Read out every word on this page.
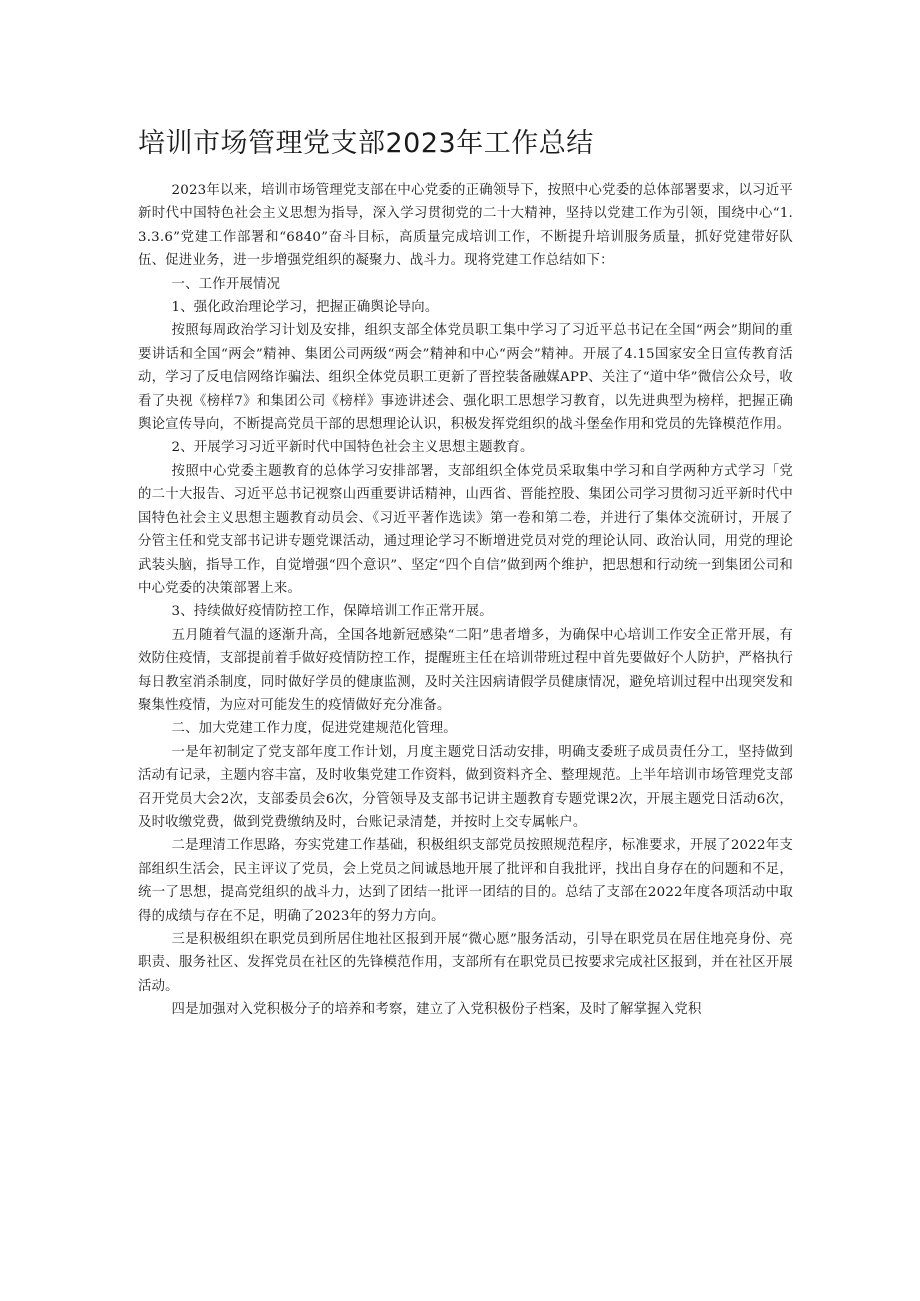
培训市场管理党支部2023年工作总结

2023年以来，培训市场管理党支部在中心党委的正确领导下，按照中心党委的总体部署要求，以习近平新时代中国特色社会主义思想为指导，深入学习贯彻党的二十大精神，坚持以党建工作为引领，围绕中心“1.3.3.6”党建工作部署和“6840”奋斗目标，高质量完成培训工作，不断提升培训服务质量，抓好党建带好队伍、促进业务，进一步增强党组织的凝聚力、战斗力。现将党建工作总结如下：

一、工作开展情况

1、强化政治理论学习，把握正确舆论导向。

按照每周政治学习计划及安排，组织支部全体党员职工集中学习了习近平总书记在全国“两会”期间的重要讲话和全国“两会”精神、集团公司两级“两会”精神和中心“两会”精神。开展了4.15国家安全日宣传教育活动，学习了反电信网络诈骗法、组织全体党员职工更新了晋控装备融媒APP、关注了“道中华”微信公众号，收看了央视《榜样7》和集团公司《榜样》事迹讲述会、强化职工思想学习教育，以先进典型为榜样，把握正确舆论宣传导向，不断提高党员干部的思想理论认识，积极发挥党组织的战斗堡垒作用和党员的先锋模范作用。

2、开展学习习近平新时代中国特色社会主义思想主题教育。

按照中心党委主题教育的总体学习安排部署，支部组织全体党员采取集中学习和自学两种方式学习「党的二十大报告、习近平总书记视察山西重要讲话精神，山西省、晋能控股、集团公司学习贯彻习近平新时代中国特色社会主义思想主题教育动员会、《习近平著作选读》第一卷和第二卷，并进行了集体交流研讨，开展了分管主任和党支部书记讲专题党课活动，通过理论学习不断增进党员对党的理论认同、政治认同，用党的理论武装头脑，指导工作，自觉增强“四个意识”、坚定“四个自信”做到两个维护，把思想和行动统一到集团公司和中心党委的决策部署上来。

3、持续做好疫情防控工作，保障培训工作正常开展。

五月随着气温的逐渐升高，全国各地新冠感染“二阳”患者增多，为确保中心培训工作安全正常开展，有效防住疫情，支部提前着手做好疫情防控工作，提醒班主任在培训带班过程中首先要做好个人防护，严格执行每日教室消杀制度，同时做好学员的健康监测，及时关注因病请假学员健康情况，避免培训过程中出现突发和聚集性疫情，为应对可能发生的疫情做好充分准备。

二、加大党建工作力度，促进党建规范化管理。

一是年初制定了党支部年度工作计划，月度主题党日活动安排，明确支委班子成员责任分工，坚持做到活动有记录，主题内容丰富，及时收集党建工作资料，做到资料齐全、整理规范。上半年培训市场管理党支部召开党员大会2次，支部委员会6次，分管领导及支部书记讲主题教育专题党课2次，开展主题党日活动6次，及时收缴党费，做到党费缴纳及时，台账记录清楚，并按时上交专属帐户。

二是理清工作思路，夯实党建工作基础，积极组织支部党员按照规范程序，标准要求，开展了2022年支部组织生活会，民主评议了党员，会上党员之间诚恳地开展了批评和自我批评，找出自身存在的问题和不足，统一了思想，提高党组织的战斗力，达到了团结一批评一团结的目的。总结了支部在2022年度各项活动中取得的成绩与存在不足，明确了2023年的努力方向。

三是积极组织在职党员到所居住地社区报到开展“微心愿”服务活动，引导在职党员在居住地亮身份、亮职责、服务社区、发挥党员在社区的先锋模范作用，支部所有在职党员已按要求完成社区报到，并在社区开展活动。

四是加强对入党积极分子的培养和考察，建立了入党积极份子档案，及时了解掌握入党积
